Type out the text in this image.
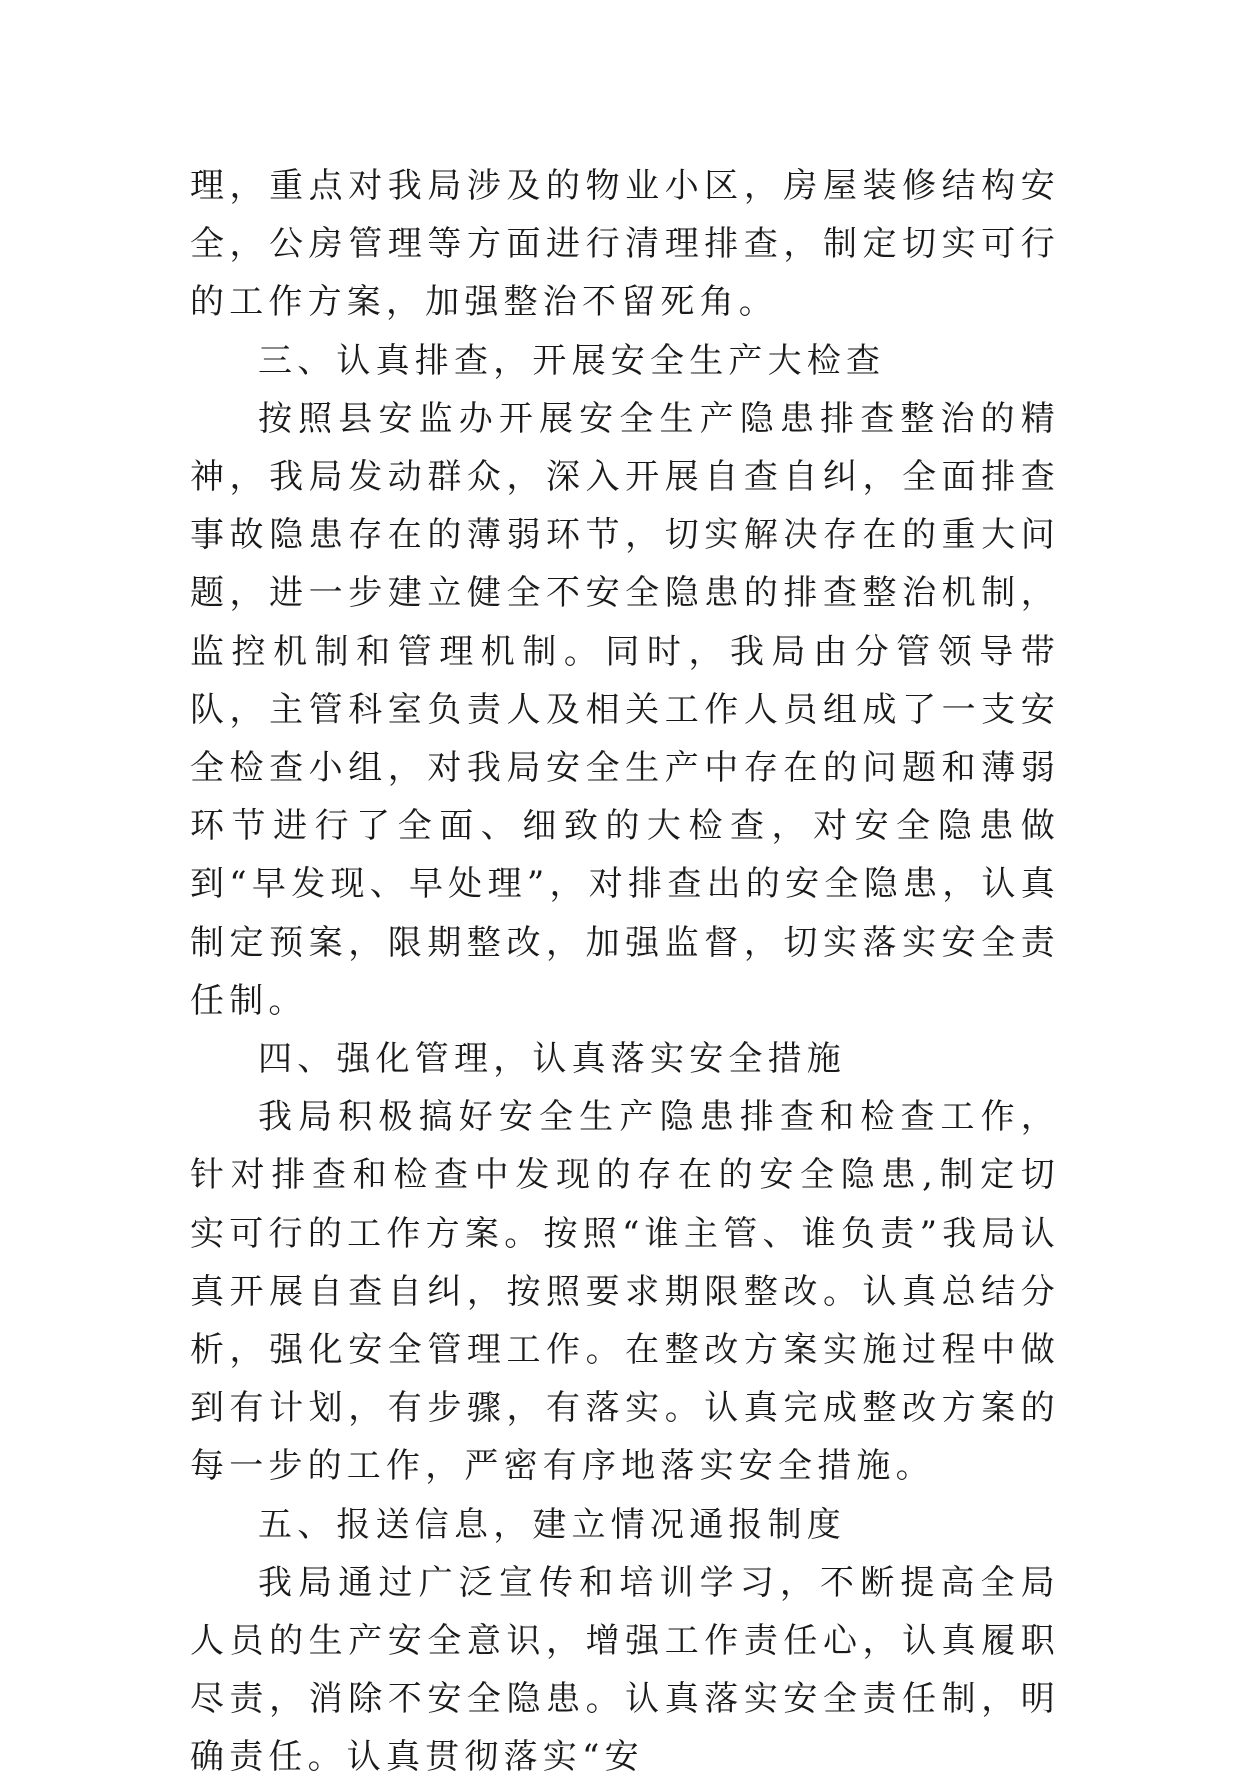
理，重点对我局涉及的物业小区，房屋装修结构安全，公房管理等方面进行清理排查，制定切实可行的工作方案，加强整治不留死角。

三、认真排查，开展安全生产大检查

按照县安监办开展安全生产隐患排查整治的精神，我局发动群众，深入开展自查自纠，全面排查事故隐患存在的薄弱环节，切实解决存在的重大问题，进一步建立健全不安全隐患的排查整治机制，监控机制和管理机制。同时，我局由分管领导带队，主管科室负责人及相关工作人员组成了一支安全检查小组，对我局安全生产中存在的问题和薄弱环节进行了全面、细致的大检查，对安全隐患做到“早发现、早处理”，对排查出的安全隐患，认真制定预案，限期整改，加强监督，切实落实安全责任制。

四、强化管理，认真落实安全措施

我局积极搞好安全生产隐患排查和检查工作，针对排查和检查中发现的存在的安全隐患,制定切实可行的工作方案。按照“谁主管、谁负责”我局认真开展自查自纠，按照要求期限整改。认真总结分析，强化安全管理工作。在整改方案实施过程中做到有计划，有步骤，有落实。认真完成整改方案的每一步的工作，严密有序地落实安全措施。

五、报送信息，建立情况通报制度

我局通过广泛宣传和培训学习，不断提高全局人员的生产安全意识，增强工作责任心，认真履职尽责，消除不安全隐患。认真落实安全责任制，明确责任。认真贯彻落实“安
